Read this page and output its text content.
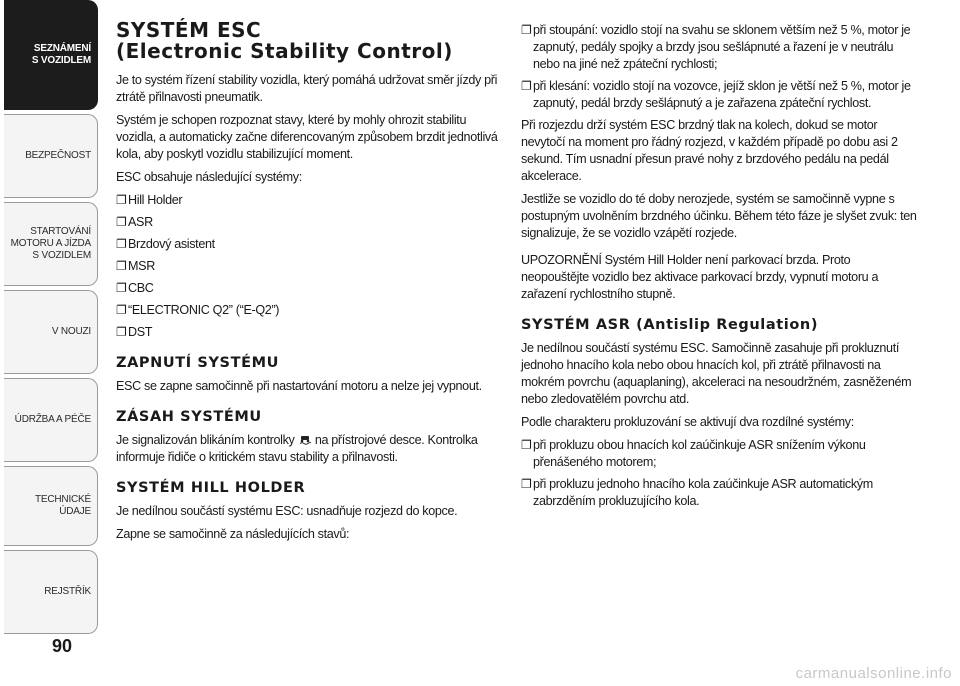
SEZNÁMENÍ S VOZIDLEM
BEZPEČNOST
STARTOVÁNÍ MOTORU A JÍZDA S VOZIDLEM
V NOUZI
ÚDRŽBA A PÉČE
TECHNICKÉ ÚDAJE
REJSTŘÍK
90
SYSTÉM ESC
(Electronic Stability Control)

Je to systém řízení stability vozidla, který pomáhá udržovat směr jízdy při ztrátě přilnavosti pneumatik.

Systém je schopen rozpoznat stavy, které by mohly ohrozit stabilitu vozidla, a automaticky začne diferencovaným způsobem brzdit jednotlivá kola, aby poskytl vozidlu stabilizující moment.

ESC obsahuje následující systémy:

❐ Hill Holder
❐ ASR
❐ Brzdový asistent
❐ MSR
❐ CBC
❐ “ELECTRONIC Q2” (“E-Q2”)
❐ DST
ZAPNUTÍ SYSTÉMU

ESC se zapne samočinně při nastartování motoru a nelze jej vypnout.

ZÁSAH SYSTÉMU

Je signalizován blikáním kontrolky na přístrojové desce. Kontrolka informuje řidiče o kritickém stavu stability a přilnavosti.

SYSTÉM HILL HOLDER

Je nedílnou součástí systému ESC: usnadňuje rozjezd do kopce.

Zapne se samočinně za následujících stavů:

❐ při stoupání: vozidlo stojí na svahu se sklonem větším než 5 %, motor je zapnutý, pedály spojky a brzdy jsou sešlápnuté a řazení je v neutrálu nebo na jiné než zpáteční rychlosti;
❐ při klesání: vozidlo stojí na vozovce, jejíž sklon je větší než 5 %, motor je zapnutý, pedál brzdy sešlápnutý a je zařazena zpáteční rychlost.

Při rozjezdu drží systém ESC brzdný tlak na kolech, dokud se motor nevytočí na moment pro řádný rozjezd, v každém případě po dobu asi 2 sekund. Tím usnadní přesun pravé nohy z brzdového pedálu na pedál akcelerace.

Jestliže se vozidlo do té doby nerozjede, systém se samočinně vypne s postupným uvolněním brzdného účinku. Během této fáze je slyšet zvuk: ten signalizuje, že se vozidlo vzápětí rozjede.

UPOZORNĚNÍ Systém Hill Holder není parkovací brzda. Proto neopouštějte vozidlo bez aktivace parkovací brzdy, vypnutí motoru a zařazení rychlostního stupně.

SYSTÉM ASR (Antislip Regulation)

Je nedílnou součástí systému ESC. Samočinně zasahuje při prokluznutí jednoho hnacího kola nebo obou hnacích kol, při ztrátě přilnavosti na mokrém povrchu (aquaplaning), akceleraci na nesoudržném, zasněženém nebo zledovatělém povrchu atd.

Podle charakteru prokluzování se aktivují dva rozdílné systémy:

❐ při prokluzu obou hnacích kol zaúčinkuje ASR snížením výkonu přenášeného motorem;
❐ při prokluzu jednoho hnacího kola zaúčinkuje ASR automatickým zabrzděním prokluzujícího kola.
carmanualsonline.info
